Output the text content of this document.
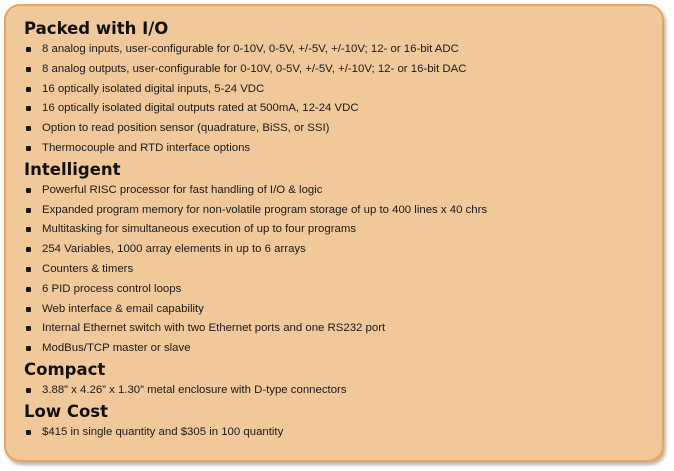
Packed with I/O
8 analog inputs, user-configurable for 0-10V, 0-5V, +/-5V, +/-10V; 12- or 16-bit ADC
8 analog outputs, user-configurable for 0-10V, 0-5V, +/-5V, +/-10V; 12- or 16-bit DAC
16 optically isolated digital inputs, 5-24 VDC
16 optically isolated digital outputs rated at 500mA, 12-24 VDC
Option to read position sensor (quadrature, BiSS, or SSI)
Thermocouple and RTD interface options
Intelligent
Powerful RISC processor for fast handling of I/O & logic
Expanded program memory for non-volatile program storage of up to 400 lines x 40 chrs
Multitasking for simultaneous execution of up to four programs
254 Variables, 1000 array elements in up to 6 arrays
Counters & timers
6 PID process control loops
Web interface & email capability
Internal Ethernet switch with two Ethernet ports and one RS232 port
ModBus/TCP master or slave
Compact
3.88” x 4.26” x 1.30” metal enclosure with D-type connectors
Low Cost
$415 in single quantity and $305 in 100 quantity
